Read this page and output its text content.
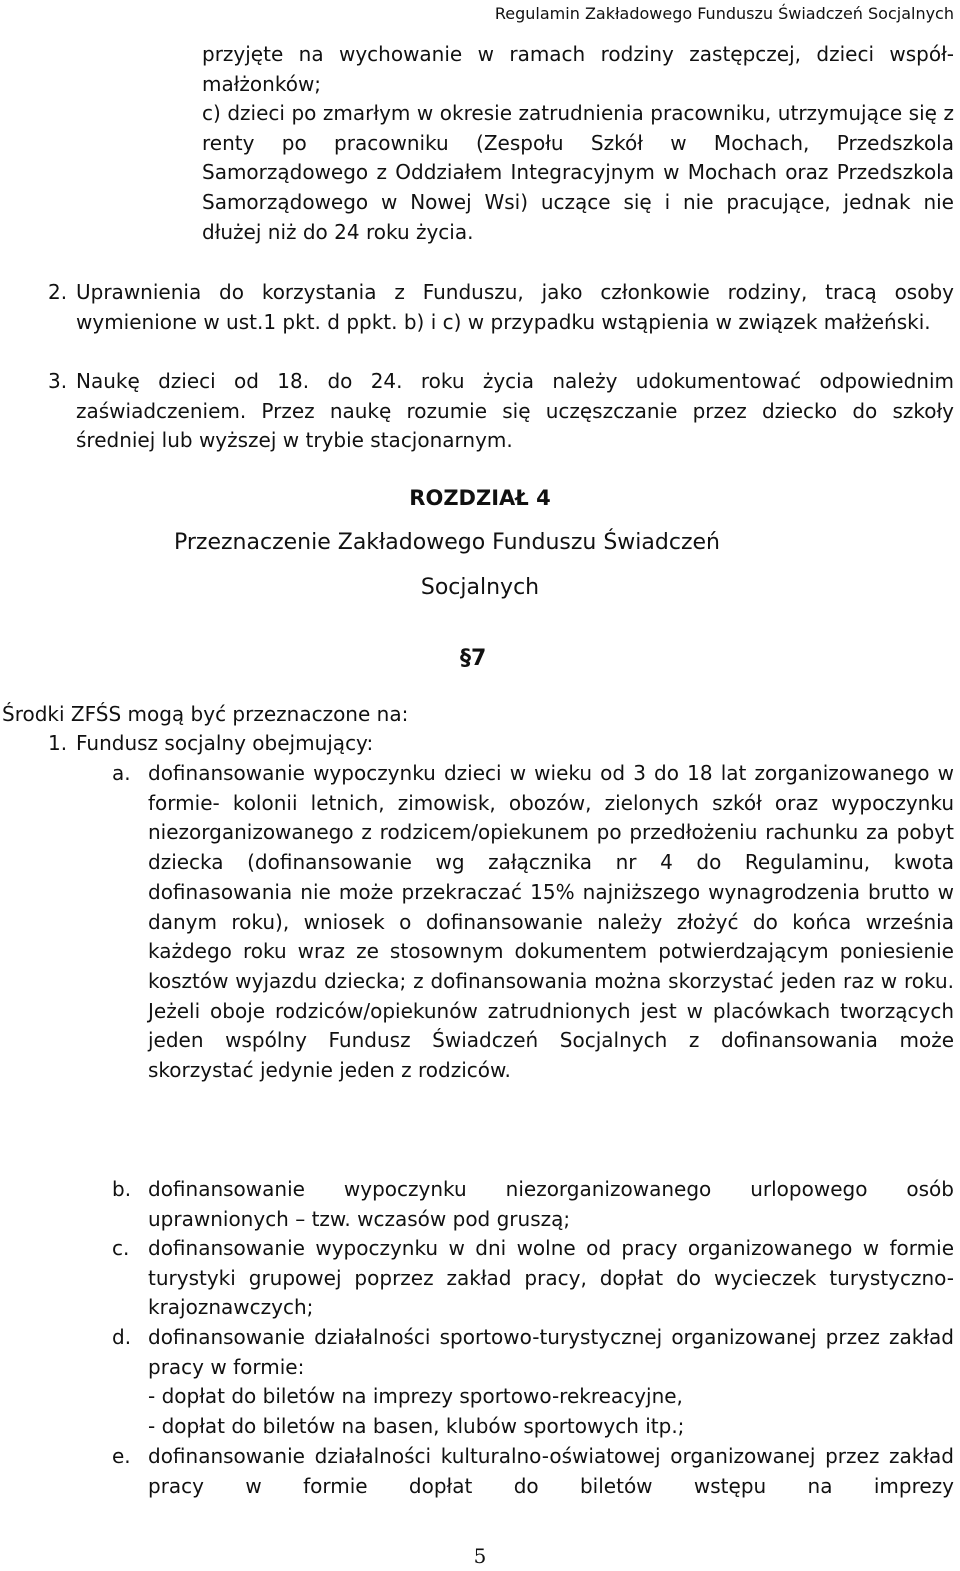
Regulamin Zakładowego Funduszu Świadczeń Socjalnych
przyjęte na wychowanie w ramach rodziny zastępczej, dzieci współ-małżonków;
c) dzieci po zmarłym w okresie zatrudnienia pracowniku, utrzymujące się z renty po pracowniku (Zespołu Szkół w Mochach, Przedszkola Samorządowego z Oddziałem Integracyjnym w Mochach oraz Przedszkola Samorządowego w Nowej Wsi) uczące się i nie pracujące, jednak nie dłużej niż do 24 roku życia.
2. Uprawnienia do korzystania z Funduszu, jako członkowie rodziny, tracą osoby wymienione w ust.1 pkt. d ppkt. b) i c) w przypadku wstąpienia w związek małżeński.
3. Naukę dzieci od 18. do 24. roku życia należy udokumentować odpowiednim zaświadczeniem. Przez naukę rozumie się uczęszczanie przez dziecko do szkoły średniej lub wyższej w trybie stacjonarnym.
ROZDZIAŁ 4
Przeznaczenie Zakładowego Funduszu Świadczeń
Socjalnych
§7
Środki ZFŚS mogą być przeznaczone na:
1. Fundusz socjalny obejmujący:
a. dofinansowanie wypoczynku dzieci w wieku od 3 do 18 lat zorganizowanego w formie- kolonii letnich, zimowisk, obozów, zielonych szkół oraz wypoczynku niezorganizowanego z rodzicem/opiekunem po przedłożeniu rachunku za pobyt dziecka (dofinansowanie wg załącznika nr 4 do Regulaminu, kwota dofinasowania nie może przekraczać 15% najniższego wynagrodzenia brutto w danym roku), wniosek o dofinansowanie należy złożyć do końca września każdego roku wraz ze stosownym dokumentem potwierdzającym poniesienie kosztów wyjazdu dziecka; z dofinansowania można skorzystać jeden raz w roku. Jeżeli oboje rodziców/opiekunów zatrudnionych jest w placówkach tworzących jeden wspólny Fundusz Świadczeń Socjalnych z dofinansowania może skorzystać jedynie jeden z rodziców.
b. dofinansowanie wypoczynku niezorganizowanego urlopowego osób uprawnionych – tzw. wczasów pod gruszą;
c. dofinansowanie wypoczynku w dni wolne od pracy organizowanego w formie turystyki grupowej poprzez zakład pracy, dopłat do wycieczek turystyczno-krajoznawczych;
d. dofinansowanie działalności sportowo-turystycznej organizowanej przez zakład pracy w formie:
- dopłat do biletów na imprezy sportowo-rekreacyjne,
- dopłat do biletów na basen, klubów sportowych itp.;
e. dofinansowanie działalności kulturalno-oświatowej organizowanej przez zakład pracy w formie dopłat do biletów wstępu na imprezy
5
